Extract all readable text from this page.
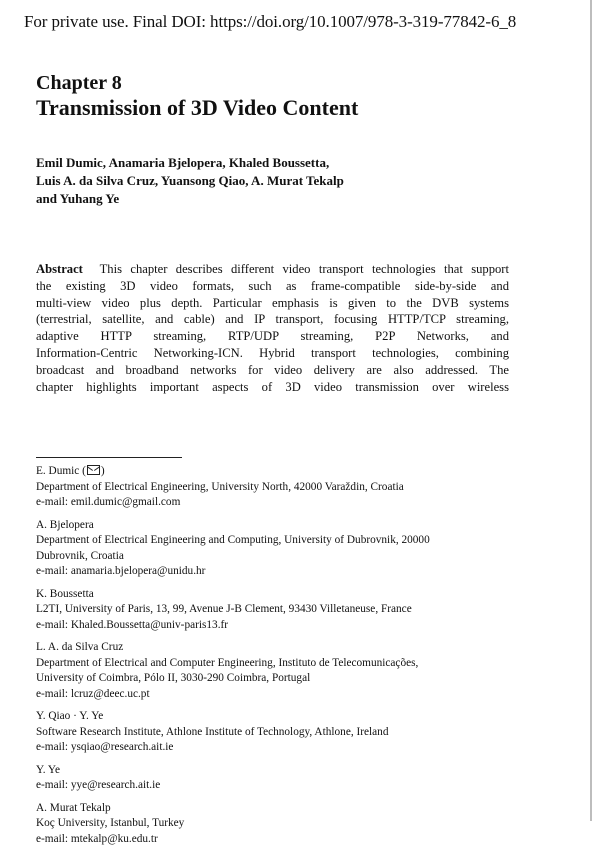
For private use. Final DOI: https://doi.org/10.1007/978-3-319-77842-6_8
Chapter 8
Transmission of 3D Video Content
Emil Dumic, Anamaria Bjelopera, Khaled Boussetta,
Luis A. da Silva Cruz, Yuansong Qiao, A. Murat Tekalp
and Yuhang Ye
Abstract This chapter describes different video transport technologies that support
the existing 3D video formats, such as frame-compatible side-by-side and
multi-view video plus depth. Particular emphasis is given to the DVB systems
(terrestrial, satellite, and cable) and IP transport, focusing HTTP/TCP streaming,
adaptive HTTP streaming, RTP/UDP streaming, P2P Networks, and
Information-Centric Networking-ICN. Hybrid transport technologies, combining
broadcast and broadband networks for video delivery are also addressed. The
chapter highlights important aspects of 3D video transmission over wireless
E. Dumic ( )
Department of Electrical Engineering, University North, 42000 Varaždin, Croatia
e-mail: emil.dumic@gmail.com
A. Bjelopera
Department of Electrical Engineering and Computing, University of Dubrovnik, 20000
Dubrovnik, Croatia
e-mail: anamaria.bjelopera@unidu.hr
K. Boussetta
L2TI, University of Paris, 13, 99, Avenue J-B Clement, 93430 Villetaneuse, France
e-mail: Khaled.Boussetta@univ-paris13.fr
L. A. da Silva Cruz
Department of Electrical and Computer Engineering, Instituto de Telecomunicações,
University of Coimbra, Pólo II, 3030-290 Coimbra, Portugal
e-mail: lcruz@deec.uc.pt
Y. Qiao · Y. Ye
Software Research Institute, Athlone Institute of Technology, Athlone, Ireland
e-mail: ysqiao@research.ait.ie
Y. Ye
e-mail: yye@research.ait.ie
A. Murat Tekalp
Koç University, Istanbul, Turkey
e-mail: mtekalp@ku.edu.tr
